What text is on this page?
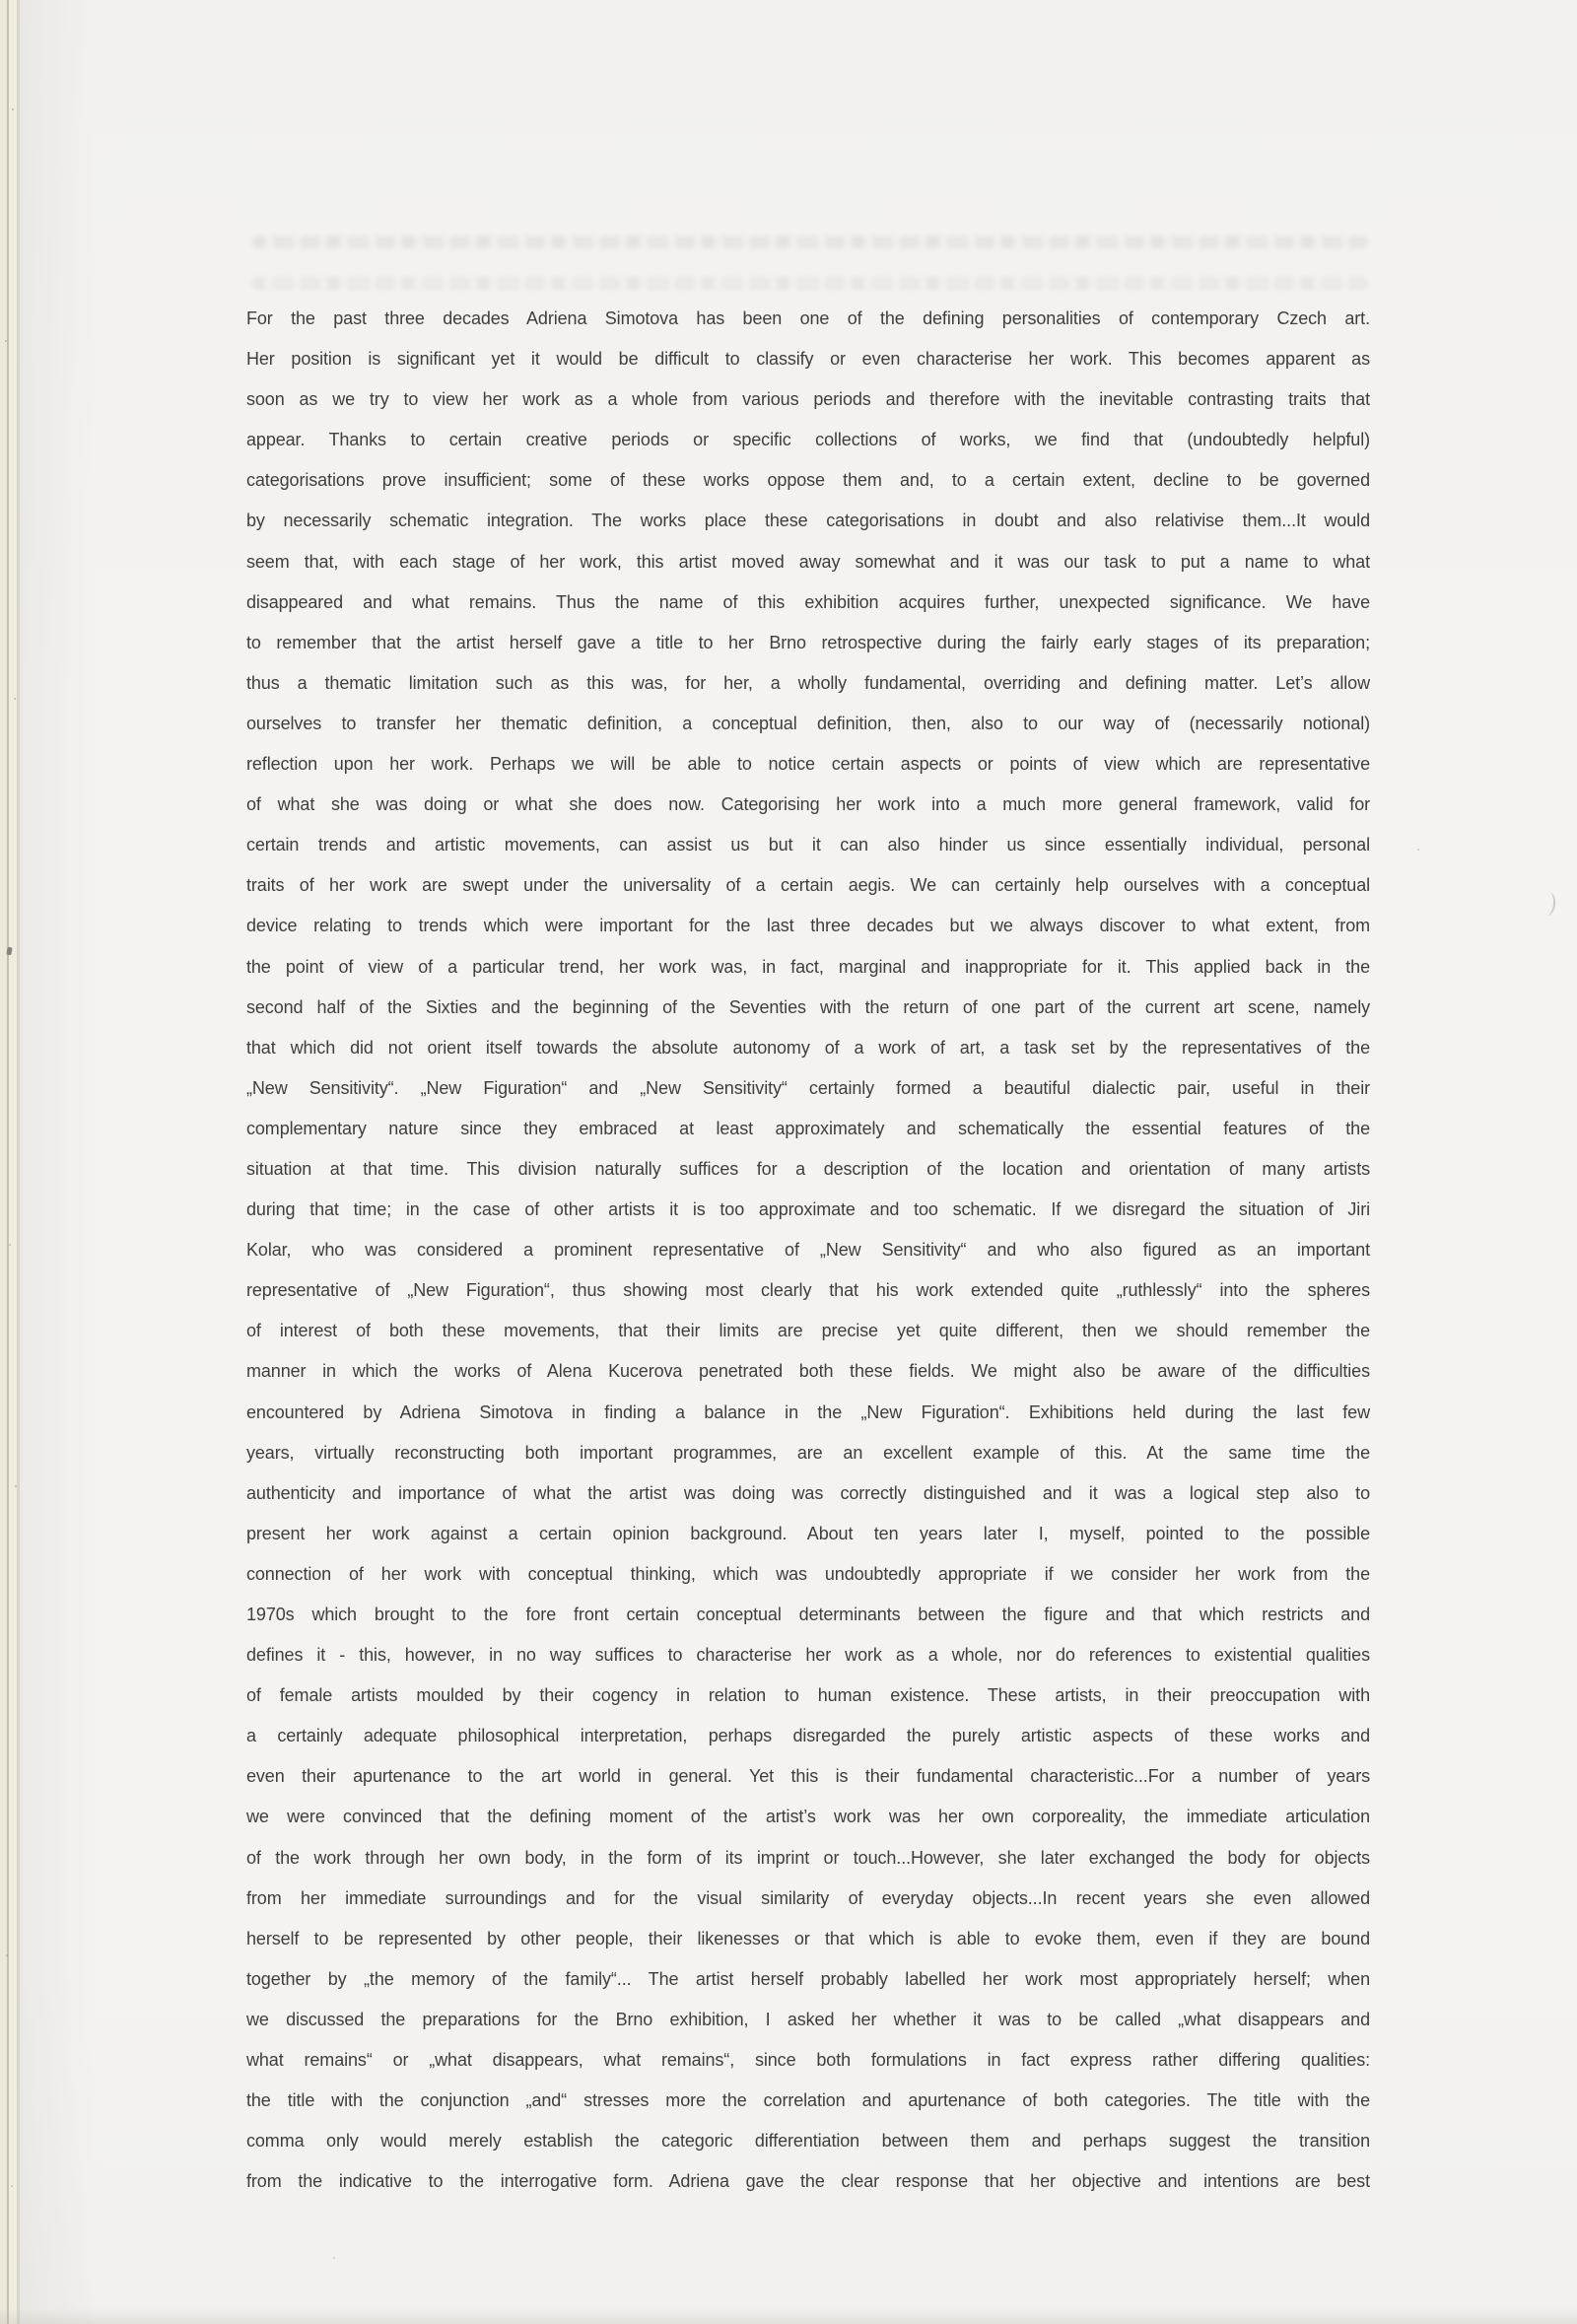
For the past three decades Adriena Simotova has been one of the defining personalities of contemporary Czech art.
Her position is significant yet it would be difficult to classify or even characterise her work. This becomes apparent as
soon as we try to view her work as a whole from various periods and therefore with the inevitable contrasting traits that
appear. Thanks to certain creative periods or specific collections of works, we find that (undoubtedly helpful)
categorisations prove insufficient; some of these works oppose them and, to a certain extent, decline to be governed
by necessarily schematic integration. The works place these categorisations in doubt and also relativise them...It would
seem that, with each stage of her work, this artist moved away somewhat and it was our task to put a name to what
disappeared and what remains. Thus the name of this exhibition acquires further, unexpected significance. We have
to remember that the artist herself gave a title to her Brno retrospective during the fairly early stages of its preparation;
thus a thematic limitation such as this was, for her, a wholly fundamental, overriding and defining matter. Let’s allow
ourselves to transfer her thematic definition, a conceptual definition, then, also to our way of (necessarily notional)
reflection upon her work. Perhaps we will be able to notice certain aspects or points of view which are representative
of what she was doing or what she does now. Categorising her work into a much more general framework, valid for
certain trends and artistic movements, can assist us but it can also hinder us since essentially individual, personal
traits of her work are swept under the universality of a certain aegis. We can certainly help ourselves with a conceptual
device relating to trends which were important for the last three decades but we always discover to what extent, from
the point of view of a particular trend, her work was, in fact, marginal and inappropriate for it. This applied back in the
second half of the Sixties and the beginning of the Seventies with the return of one part of the current art scene, namely
that which did not orient itself towards the absolute autonomy of a work of art, a task set by the representatives of the
„New Sensitivity“. „New Figuration“ and „New Sensitivity“ certainly formed a beautiful dialectic pair, useful in their
complementary nature since they embraced at least approximately and schematically the essential features of the
situation at that time. This division naturally suffices for a description of the location and orientation of many artists
during that time; in the case of other artists it is too approximate and too schematic. If we disregard the situation of Jiri
Kolar, who was considered a prominent representative of „New Sensitivity“ and who also figured as an important
representative of „New Figuration“, thus showing most clearly that his work extended quite „ruthlessly“ into the spheres
of interest of both these movements, that their limits are precise yet quite different, then we should remember the
manner in which the works of Alena Kucerova penetrated both these fields. We might also be aware of the difficulties
encountered by Adriena Simotova in finding a balance in the „New Figuration“. Exhibitions held during the last few
years, virtually reconstructing both important programmes, are an excellent example of this. At the same time the
authenticity and importance of what the artist was doing was correctly distinguished and it was a logical step also to
present her work against a certain opinion background. About ten years later I, myself, pointed to the possible
connection of her work with conceptual thinking, which was undoubtedly appropriate if we consider her work from the
1970s which brought to the fore front certain conceptual determinants between the figure and that which restricts and
defines it - this, however, in no way suffices to characterise her work as a whole, nor do references to existential qualities
of female artists moulded by their cogency in relation to human existence. These artists, in their preoccupation with
a certainly adequate philosophical interpretation, perhaps disregarded the purely artistic aspects of these works and
even their apurtenance to the art world in general. Yet this is their fundamental characteristic...For a number of years
we were convinced that the defining moment of the artist’s work was her own corporeality, the immediate articulation
of the work through her own body, in the form of its imprint or touch...However, she later exchanged the body for objects
from her immediate surroundings and for the visual similarity of everyday objects...In recent years she even allowed
herself to be represented by other people, their likenesses or that which is able to evoke them, even if they are bound
together by „the memory of the family“... The artist herself probably labelled her work most appropriately herself; when
we discussed the preparations for the Brno exhibition, I asked her whether it was to be called „what disappears and
what remains“ or „what disappears, what remains“, since both formulations in fact express rather differing qualities:
the title with the conjunction „and“ stresses more the correlation and apurtenance of both categories. The title with the
comma only would merely establish the categoric differentiation between them and perhaps suggest the transition
from the indicative to the interrogative form. Adriena gave the clear response that her objective and intentions are best
